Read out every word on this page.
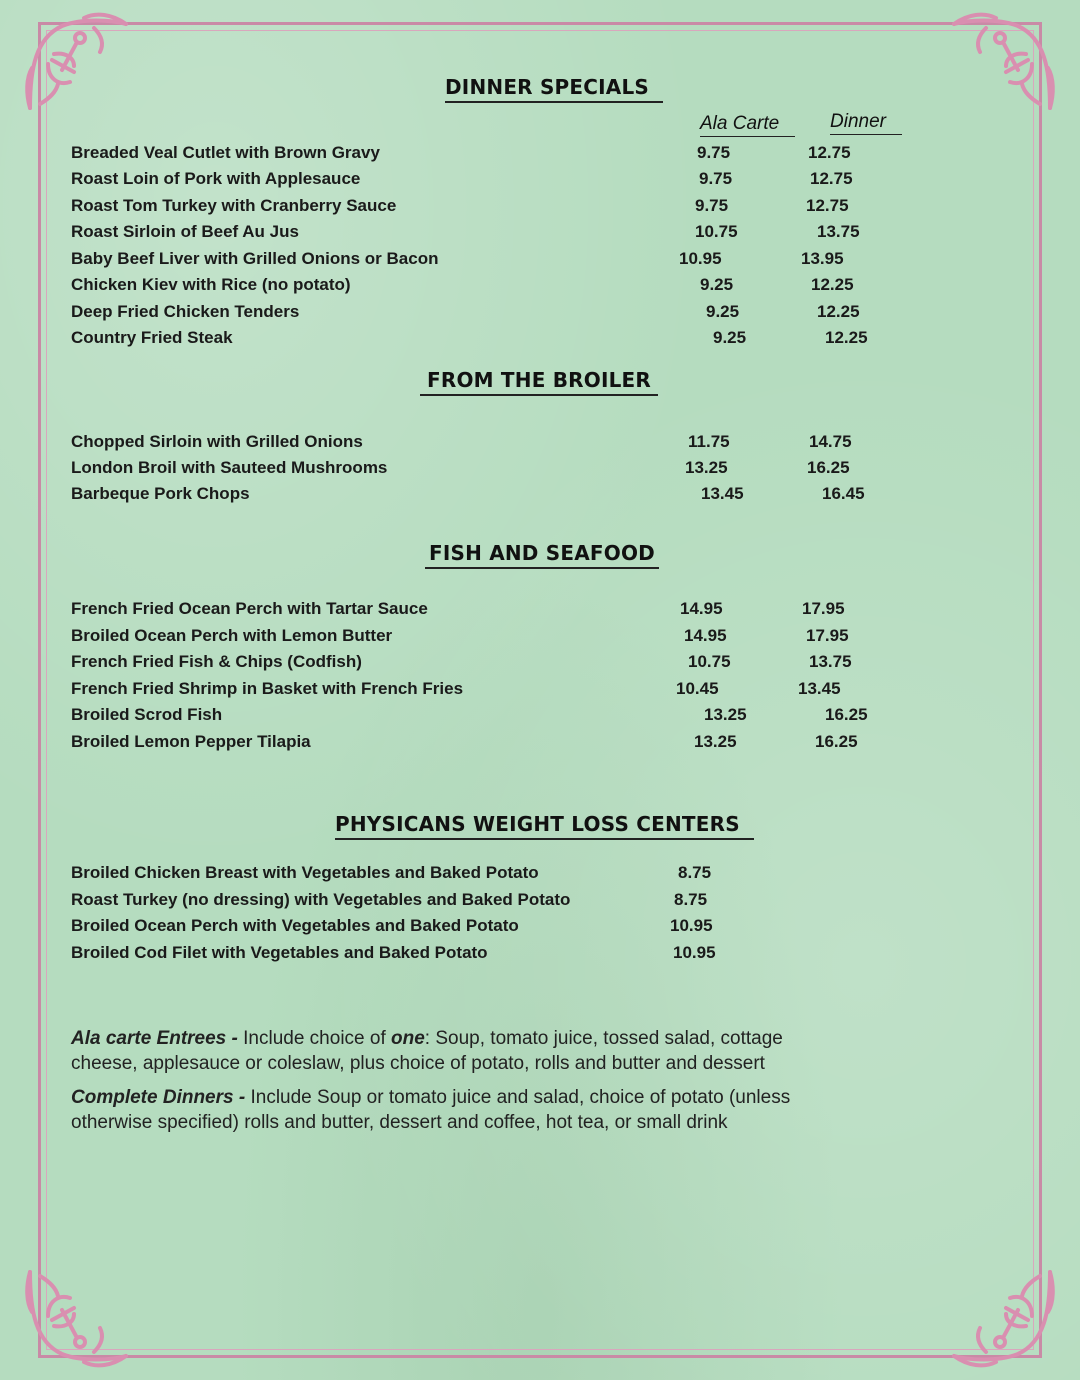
DINNER SPECIALS
Ala Carte	Dinner
Breaded Veal Cutlet with Brown Gravy	9.75	12.75
Roast Loin of Pork with Applesauce	9.75	12.75
Roast Tom Turkey with Cranberry Sauce	9.75	12.75
Roast Sirloin of Beef Au Jus	10.75	13.75
Baby Beef Liver with Grilled Onions or Bacon	10.95	13.95
Chicken Kiev with Rice (no potato)	9.25	12.25
Deep Fried Chicken Tenders	9.25	12.25
Country Fried Steak	9.25	12.25
FROM THE BROILER
Chopped Sirloin with Grilled Onions	11.75	14.75
London Broil with Sauteed Mushrooms	13.25	16.25
Barbeque Pork Chops	13.45	16.45
FISH AND SEAFOOD
French Fried Ocean Perch with Tartar Sauce	14.95	17.95
Broiled Ocean Perch with Lemon Butter	14.95	17.95
French Fried Fish & Chips (Codfish)	10.75	13.75
French Fried Shrimp in Basket with French Fries	10.45	13.45
Broiled Scrod Fish	13.25	16.25
Broiled Lemon Pepper Tilapia	13.25	16.25
PHYSICANS WEIGHT LOSS CENTERS
Broiled Chicken Breast with Vegetables and Baked Potato	8.75
Roast Turkey (no dressing) with Vegetables and Baked Potato	8.75
Broiled Ocean Perch with Vegetables and Baked Potato	10.95
Broiled Cod Filet with Vegetables and Baked Potato	10.95
Ala carte Entrees - Include choice of one: Soup, tomato juice, tossed salad, cottage cheese, applesauce or coleslaw, plus choice of potato, rolls and butter and dessert
Complete Dinners - Include Soup or tomato juice and salad, choice of potato (unless otherwise specified) rolls and butter, dessert and coffee, hot tea, or small drink
